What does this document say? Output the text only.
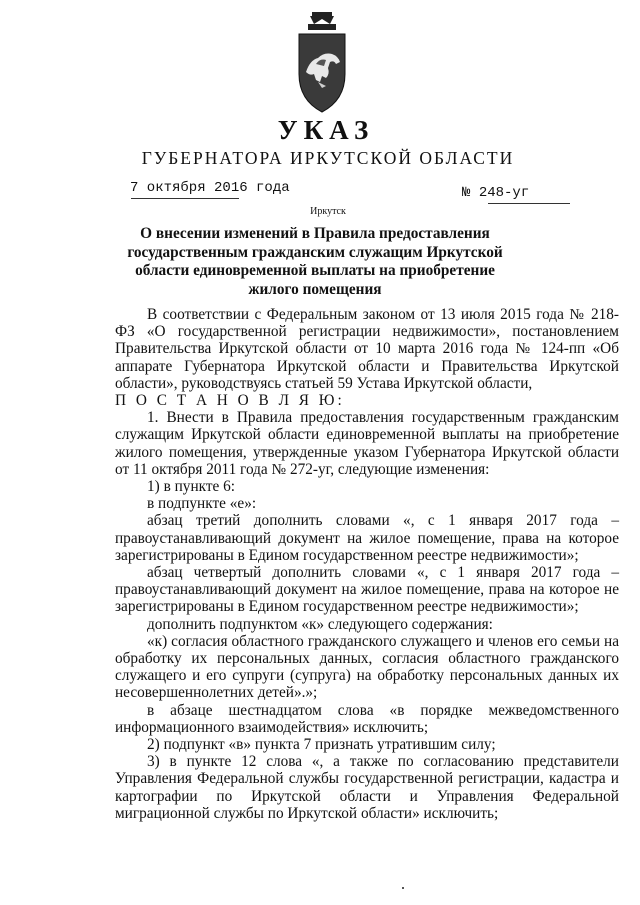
УКАЗ
ГУБЕРНАТОРА ИРКУТСКОЙ ОБЛАСТИ
7 октября 2016 года	№ 248-уг
Иркутск
О внесении изменений в Правила предоставления государственным гражданским служащим Иркутской области единовременной выплаты на приобретение жилого помещения

В соответствии с Федеральным законом от 13 июля 2015 года № 218-ФЗ «О государственной регистрации недвижимости», постановлением Правительства Иркутской области от 10 марта 2016 года № 124-пп «Об аппарате Губернатора Иркутской области и Правительства Иркутской области», руководствуясь статьей 59 Устава Иркутской области,

П О С Т А Н О В Л Я Ю:

1. Внести в Правила предоставления государственным гражданским служащим Иркутской области единовременной выплаты на приобретение жилого помещения, утвержденные указом Губернатора Иркутской области от 11 октября 2011 года № 272-уг, следующие изменения:

1) в пункте 6:

в подпункте «е»:

абзац третий дополнить словами «, с 1 января 2017 года – правоустанавливающий документ на жилое помещение, права на которое зарегистрированы в Едином государственном реестре недвижимости»;

абзац четвертый дополнить словами «, с 1 января 2017 года – правоустанавливающий документ на жилое помещение, права на которое не зарегистрированы в Едином государственном реестре недвижимости»;

дополнить подпунктом «к» следующего содержания:

«к) согласия областного гражданского служащего и членов его семьи на обработку их персональных данных, согласия областного гражданского служащего и его супруги (супруга) на обработку персональных данных их несовершеннолетних детей».»;

в абзаце шестнадцатом слова «в порядке межведомственного информационного взаимодействия» исключить;

2) подпункт «в» пункта 7 признать утратившим силу;

3) в пункте 12 слова «, а также по согласованию представители Управления Федеральной службы государственной регистрации, кадастра и картографии по Иркутской области и Управления Федеральной миграционной службы по Иркутской области» исключить;
